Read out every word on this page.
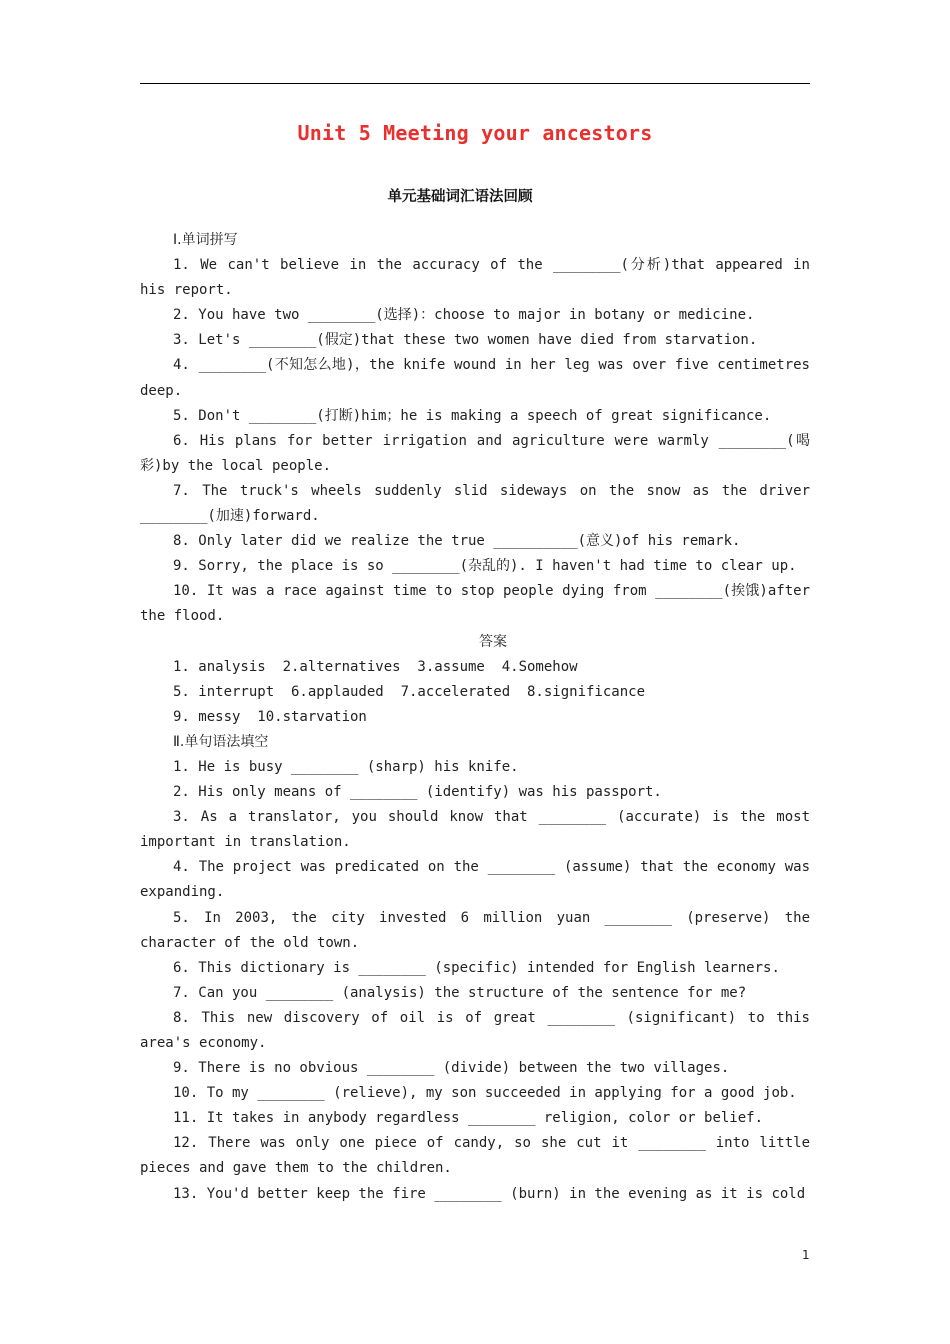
Unit 5 Meeting your ancestors
单元基础词汇语法回顾

Ⅰ.单词拼写

1. We can't believe in the accuracy of the ________(分析)that appeared in his report.

2. You have two ________(选择)：choose to major in botany or medicine.

3. Let's ________(假定)that these two women have died from starvation.

4. ________(不知怎么地)，the knife wound in her leg was over five centimetres deep.

5. Don't ________(打断)him；he is making a speech of great significance.

6. His plans for better irrigation and agriculture were warmly ________(喝彩)by the local people.

7. The truck's wheels suddenly slid sideways on the snow as the driver ________(加速)forward.

8. Only later did we realize the true __________(意义)of his remark.

9. Sorry, the place is so ________(杂乱的). I haven't had time to clear up.

10. It was a race against time to stop people dying from ________(挨饿)after the flood.

答案

1. analysis  2.alternatives  3.assume  4.Somehow

5. interrupt  6.applauded  7.accelerated  8.significance

9. messy  10.starvation

Ⅱ.单句语法填空

1. He is busy ________ (sharp) his knife.

2. His only means of ________ (identify) was his passport.

3. As a translator, you should know that ________ (accurate) is the most important in translation.

4. The project was predicated on the ________ (assume) that the economy was expanding.

5. In 2003, the city invested 6 million yuan ________ (preserve) the character of the old town.

6. This dictionary is ________ (specific) intended for English learners.

7. Can you ________ (analysis) the structure of the sentence for me?

8. This new discovery of oil is of great ________ (significant) to this area's economy.

9. There is no obvious ________ (divide) between the two villages.

10. To my ________ (relieve), my son succeeded in applying for a good job.

11. It takes in anybody regardless ________ religion, color or belief.

12. There was only one piece of candy, so she cut it ________ into little pieces and gave them to the children.

13. You'd better keep the fire ________ (burn) in the evening as it is cold

1
